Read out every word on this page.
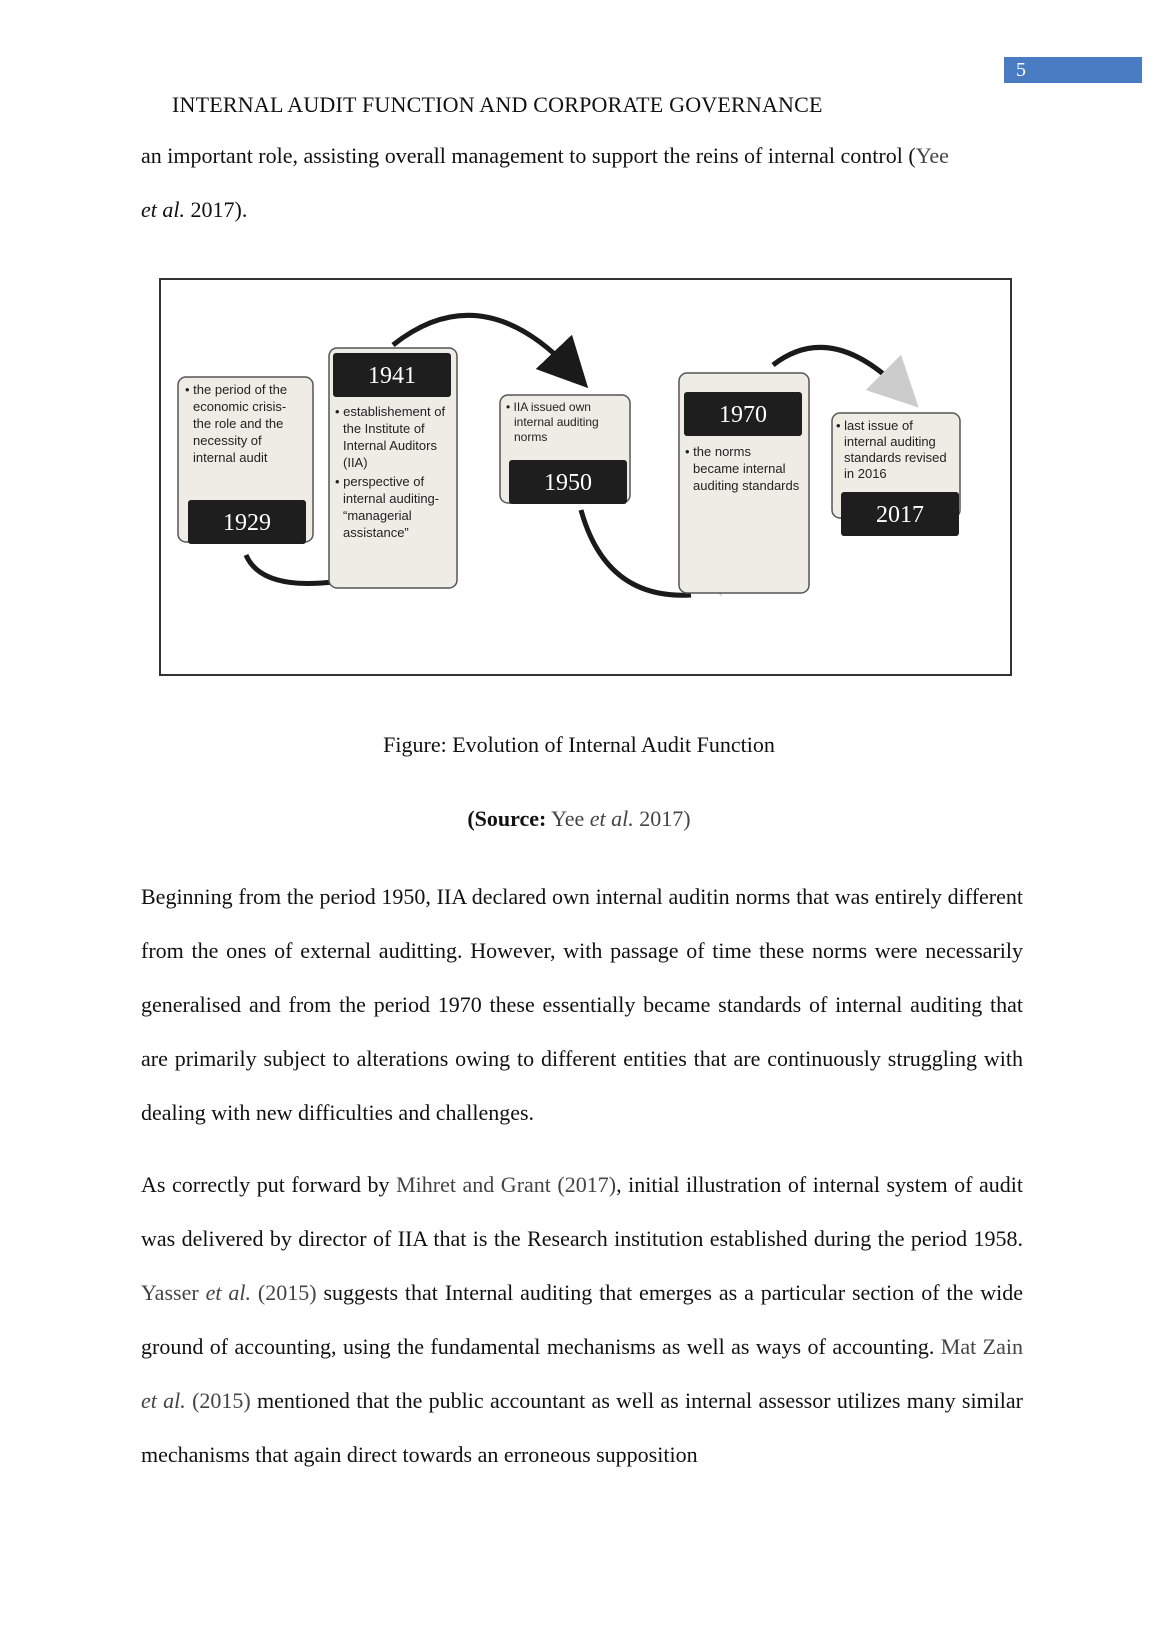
5
INTERNAL AUDIT FUNCTION AND CORPORATE GOVERNANCE

an important role, assisting overall management to support the reins of internal control (Yee
et al. 2017).

• the period of the economic crisis- the role and the necessity of internal audit
1929
1941
• establishement of the Institute of Internal Auditors (IIA) • perspective of internal auditing- “managerial assistance”
• IIA issued own internal auditing norms
1950
1970
• the norms became internal auditing standards
• last issue of internal auditing standards revised in 2016
2017
Figure: Evolution of Internal Audit Function
(Source: Yee et al. 2017)

Beginning from the period 1950, IIA declared own internal auditin norms that was entirely different from the ones of external auditting. However, with passage of time these norms were necessarily generalised and from the period 1970 these essentially became standards of internal auditing that are primarily subject to alterations owing to different entities that are continuously struggling with dealing with new difficulties and challenges.

As correctly put forward by Mihret and Grant (2017), initial illustration of internal system of audit was delivered by director of IIA that is the Research institution established during the period 1958. Yasser et al. (2015) suggests that Internal auditing that emerges as a particular section of the wide ground of accounting, using the fundamental mechanisms as well as ways of accounting. Mat Zain et al. (2015) mentioned that the public accountant as well as internal assessor utilizes many similar mechanisms that again direct towards an erroneous supposition
